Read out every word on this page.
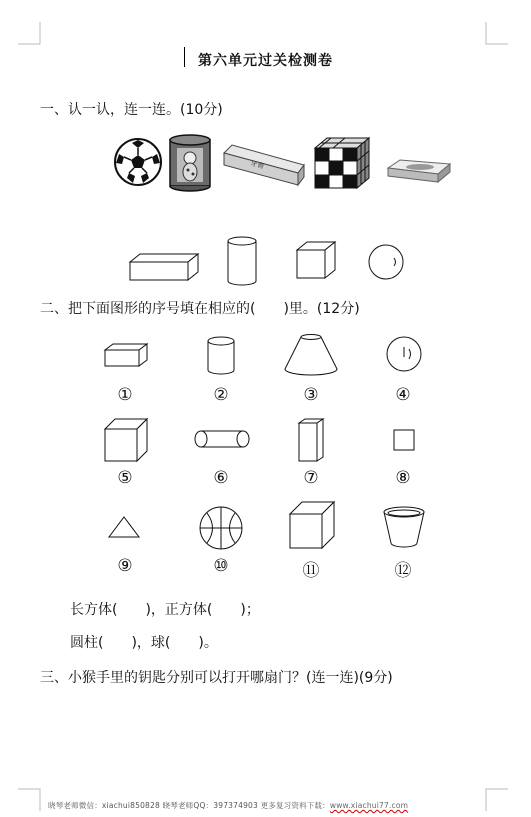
第六单元过关检测卷
一、认一认，连一连。(10分)
牙膏
二、把下面图形的序号填在相应的(　　)里。(12分)
①	②	③	④
⑤	⑥	⑦	⑧
⑨	⑩	⑪	⑫
长方体(　　)，正方体(　　)；
圆柱(　　)，球(　　)。
三、小猴手里的钥匙分别可以打开哪扇门？(连一连)(9分)
晓琴老师微信：xiachui850828 晓琴老师QQ：397374903 更多复习资料下载：www.xiachui77.com
